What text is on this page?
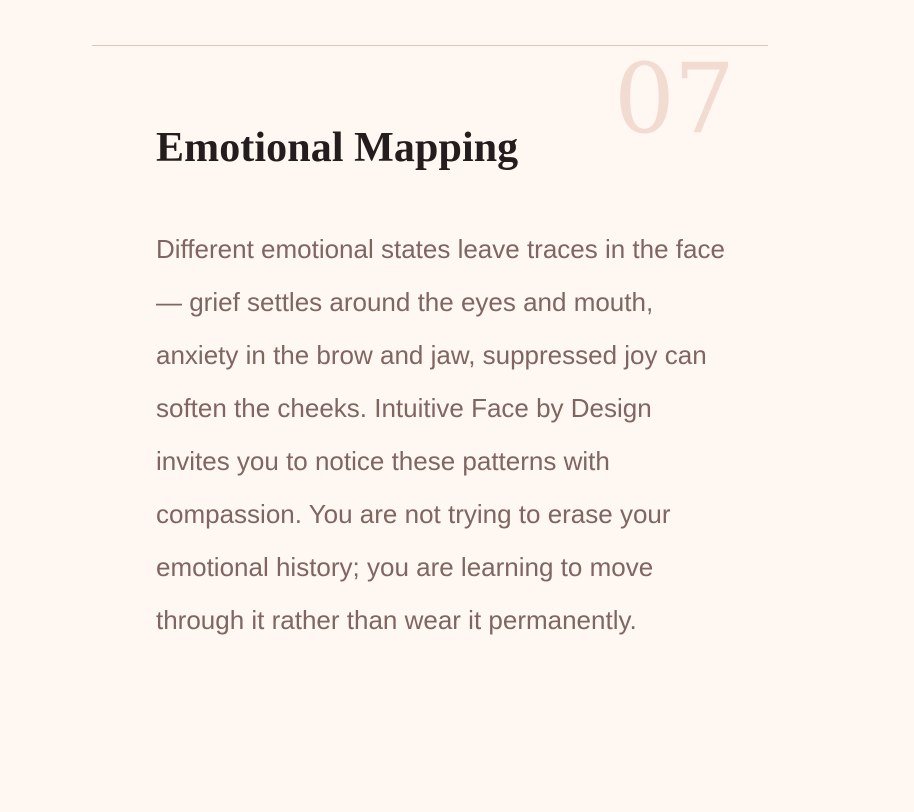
07
Emotional Mapping

Different emotional states leave traces in the face — grief settles around the eyes and mouth, anxiety in the brow and jaw, suppressed joy can soften the cheeks. Intuitive Face by Design invites you to notice these patterns with compassion. You are not trying to erase your emotional history; you are learning to move through it rather than wear it permanently.
